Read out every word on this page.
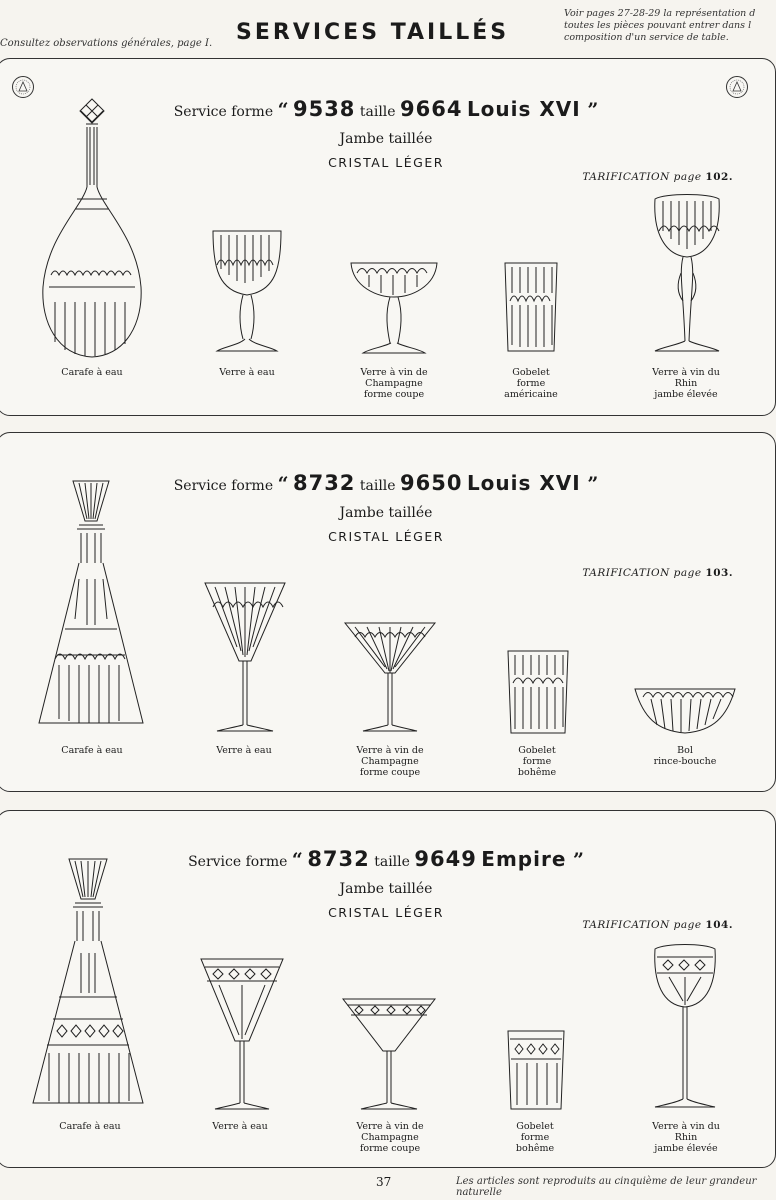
Consultez observations générales, page I. SERVICES TAILLÉS
Voir pages 27-28-29 la représentation d
toutes les pièces pouvant entrer dans l
composition d'un service de table.
Service forme “ 9538 taille 9664 Louis XVI ”
Jambe taillée
CRISTAL LÉGER
TARIFICATION page 102.
Carafe à eau	Verre à eau	Verre à vin de
Champagne
forme coupe
Gobelet
forme
américaine
Verre à vin du
Rhin
jambe élevée
Service forme “ 8732 taille 9650 Louis XVI ”
Jambe taillée
CRISTAL LÉGER
TARIFICATION page 103.
Carafe à eau	Verre à eau	Verre à vin de
Champagne
forme coupe
Gobelet
forme
bohême
Bol
rince-bouche
Service forme “ 8732 taille 9649 Empire ”
Jambe taillée
CRISTAL LÉGER
TARIFICATION page 104.
Carafe à eau	Verre à eau	Verre à vin de
Champagne
forme coupe
Gobelet
forme
bohême
Verre à vin du
Rhin
jambe élevée
37	Les articles sont reproduits au cinquième de leur grandeur naturelle
